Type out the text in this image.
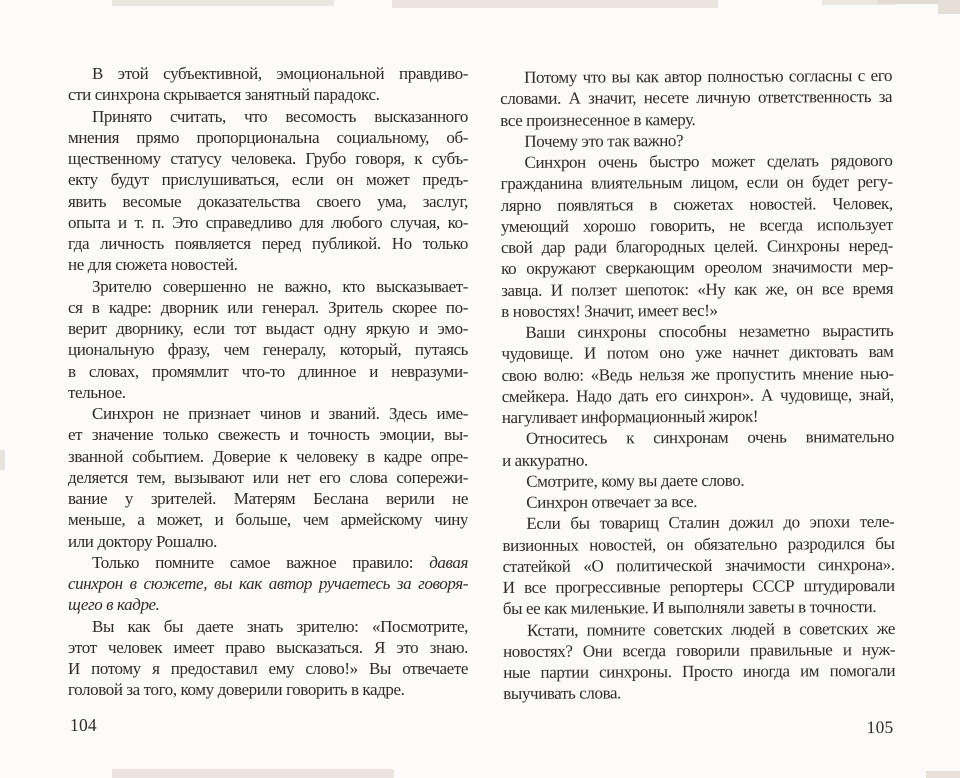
В этой субъективной, эмоциональной правдиво-
сти синхрона скрывается занятный парадокс.
Принято считать, что весомость высказанного
мнения прямо пропорциональна социальному, об-
щественному статусу человека. Грубо говоря, к субъ-
екту будут прислушиваться, если он может предъ-
явить весомые доказательства своего ума, заслуг,
опыта и т. п. Это справедливо для любого случая, ко-
гда личность появляется перед публикой. Но только
не для сюжета новостей.
Зрителю совершенно не важно, кто высказывает-
ся в кадре: дворник или генерал. Зритель скорее по-
верит дворнику, если тот выдаст одну яркую и эмо-
циональную фразу, чем генералу, который, путаясь
в словах, промямлит что-то длинное и невразуми-
тельное.
Синхрон не признает чинов и званий. Здесь име-
ет значение только свежесть и точность эмоции, вы-
званной событием. Доверие к человеку в кадре опре-
деляется тем, вызывают или нет его слова сопережи-
вание у зрителей. Матерям Беслана верили не
меньше, а может, и больше, чем армейскому чину
или доктору Рошалю.
Только помните самое важное правило: давая
синхрон в сюжете, вы как автор ручаетесь за говоря-
щего в кадре.
Вы как бы даете знать зрителю: «Посмотрите,
этот человек имеет право высказаться. Я это знаю.
И потому я предоставил ему слово!» Вы отвечаете
головой за того, кому доверили говорить в кадре.
104
Потому что вы как автор полностью согласны с его
словами. А значит, несете личную ответственность за
все произнесенное в камеру.
Почему это так важно?
Синхрон очень быстро может сделать рядового
гражданина влиятельным лицом, если он будет регу-
лярно появляться в сюжетах новостей. Человек,
умеющий хорошо говорить, не всегда использует
свой дар ради благородных целей. Синхроны неред-
ко окружают сверкающим ореолом значимости мер-
завца. И ползет шепоток: «Ну как же, он все время
в новостях! Значит, имеет вес!»
Ваши синхроны способны незаметно вырастить
чудовище. И потом оно уже начнет диктовать вам
свою волю: «Ведь нельзя же пропустить мнение нью-
смейкера. Надо дать его синхрон». А чудовище, знай,
нагуливает информационный жирок!
Относитесь к синхронам очень внимательно
и аккуратно.
Смотрите, кому вы даете слово.
Синхрон отвечает за все.
Если бы товарищ Сталин дожил до эпохи теле-
визионных новостей, он обязательно разродился бы
статейкой «О политической значимости синхрона».
И все прогрессивные репортеры СССР штудировали
бы ее как миленькие. И выполняли заветы в точности.
Кстати, помните советских людей в советских же
новостях? Они всегда говорили правильные и нуж-
ные партии синхроны. Просто иногда им помогали
выучивать слова.
105
